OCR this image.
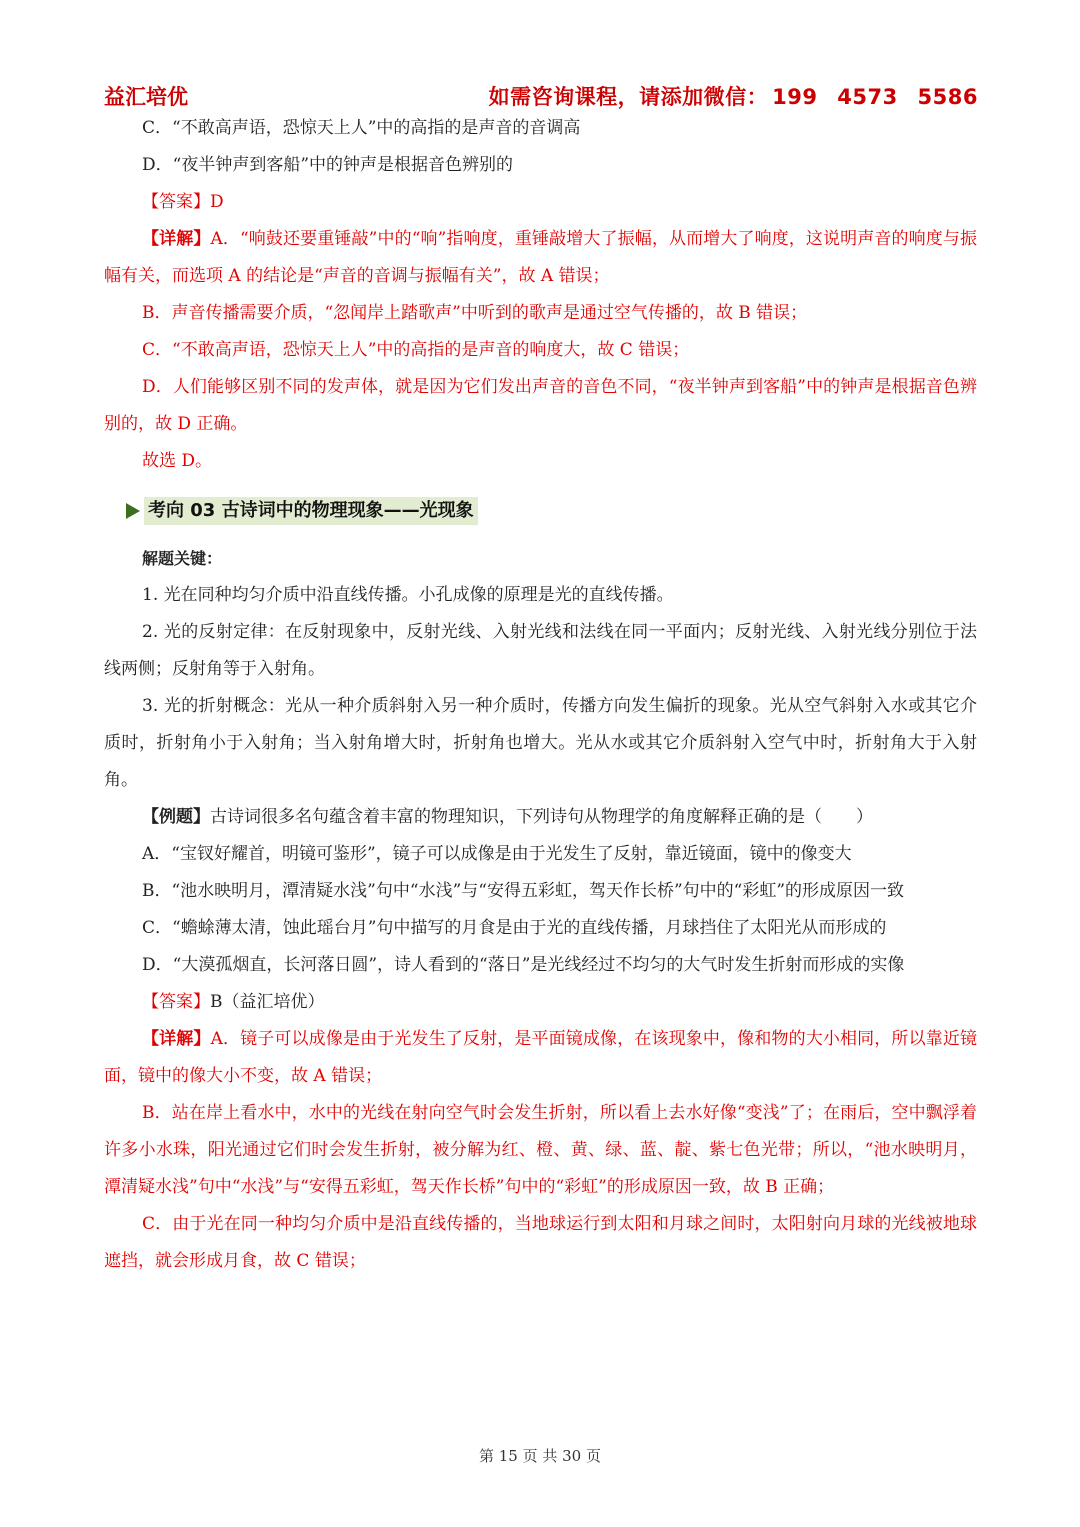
益汇培优	如需咨询课程，请添加微信： 199 4573 5586

C．“不敢高声语，恐惊天上人”中的高指的是声音的音调高

D．“夜半钟声到客船”中的钟声是根据音色辨别的

【答案】D

【详解】A．“响鼓还要重锤敲”中的“响”指响度，重锤敲增大了振幅，从而增大了响度，这说明声音的响度与振幅有关，而选项 A 的结论是“声音的音调与振幅有关”，故 A 错误；

B．声音传播需要介质，“忽闻岸上踏歌声”中听到的歌声是通过空气传播的，故 B 错误；

C．“不敢高声语，恐惊天上人”中的高指的是声音的响度大，故 C 错误；

D．人们能够区别不同的发声体，就是因为它们发出声音的音色不同，“夜半钟声到客船”中的钟声是根据音色辨别的，故 D 正确。

故选 D。

考向 03 古诗词中的物理现象——光现象

解题关键：

1. 光在同种均匀介质中沿直线传播。小孔成像的原理是光的直线传播。

2. 光的反射定律：在反射现象中，反射光线、入射光线和法线在同一平面内；反射光线、入射光线分别位于法线两侧；反射角等于入射角。

3. 光的折射概念：光从一种介质斜射入另一种介质时，传播方向发生偏折的现象。光从空气斜射入水或其它介质时，折射角小于入射角；当入射角增大时，折射角也增大。光从水或其它介质斜射入空气中时，折射角大于入射角。

【例题】古诗词很多名句蕴含着丰富的物理知识，下列诗句从物理学的角度解释正确的是（　　）

A．“宝钗好耀首，明镜可鉴形”，镜子可以成像是由于光发生了反射，靠近镜面，镜中的像变大

B．“池水映明月，潭清疑水浅”句中“水浅”与“安得五彩虹，驾天作长桥”句中的“彩虹”的形成原因一致

C．“蟾蜍薄太清，蚀此瑶台月”句中描写的月食是由于光的直线传播，月球挡住了太阳光从而形成的

D．“大漠孤烟直，长河落日圆”，诗人看到的“落日”是光线经过不均匀的大气时发生折射而形成的实像

【答案】B（益汇培优）

【详解】A．镜子可以成像是由于光发生了反射，是平面镜成像，在该现象中，像和物的大小相同，所以靠近镜面，镜中的像大小不变，故 A 错误；

B．站在岸上看水中，水中的光线在射向空气时会发生折射，所以看上去水好像“变浅”了；在雨后，空中飘浮着许多小水珠，阳光通过它们时会发生折射，被分解为红、橙、黄、绿、蓝、靛、紫七色光带；所以，“池水映明月，潭清疑水浅”句中“水浅”与“安得五彩虹，驾天作长桥”句中的“彩虹”的形成原因一致，故 B 正确；

C．由于光在同一种均匀介质中是沿直线传播的，当地球运行到太阳和月球之间时，太阳射向月球的光线被地球遮挡，就会形成月食，故 C 错误；

第 15 页 共 30 页
